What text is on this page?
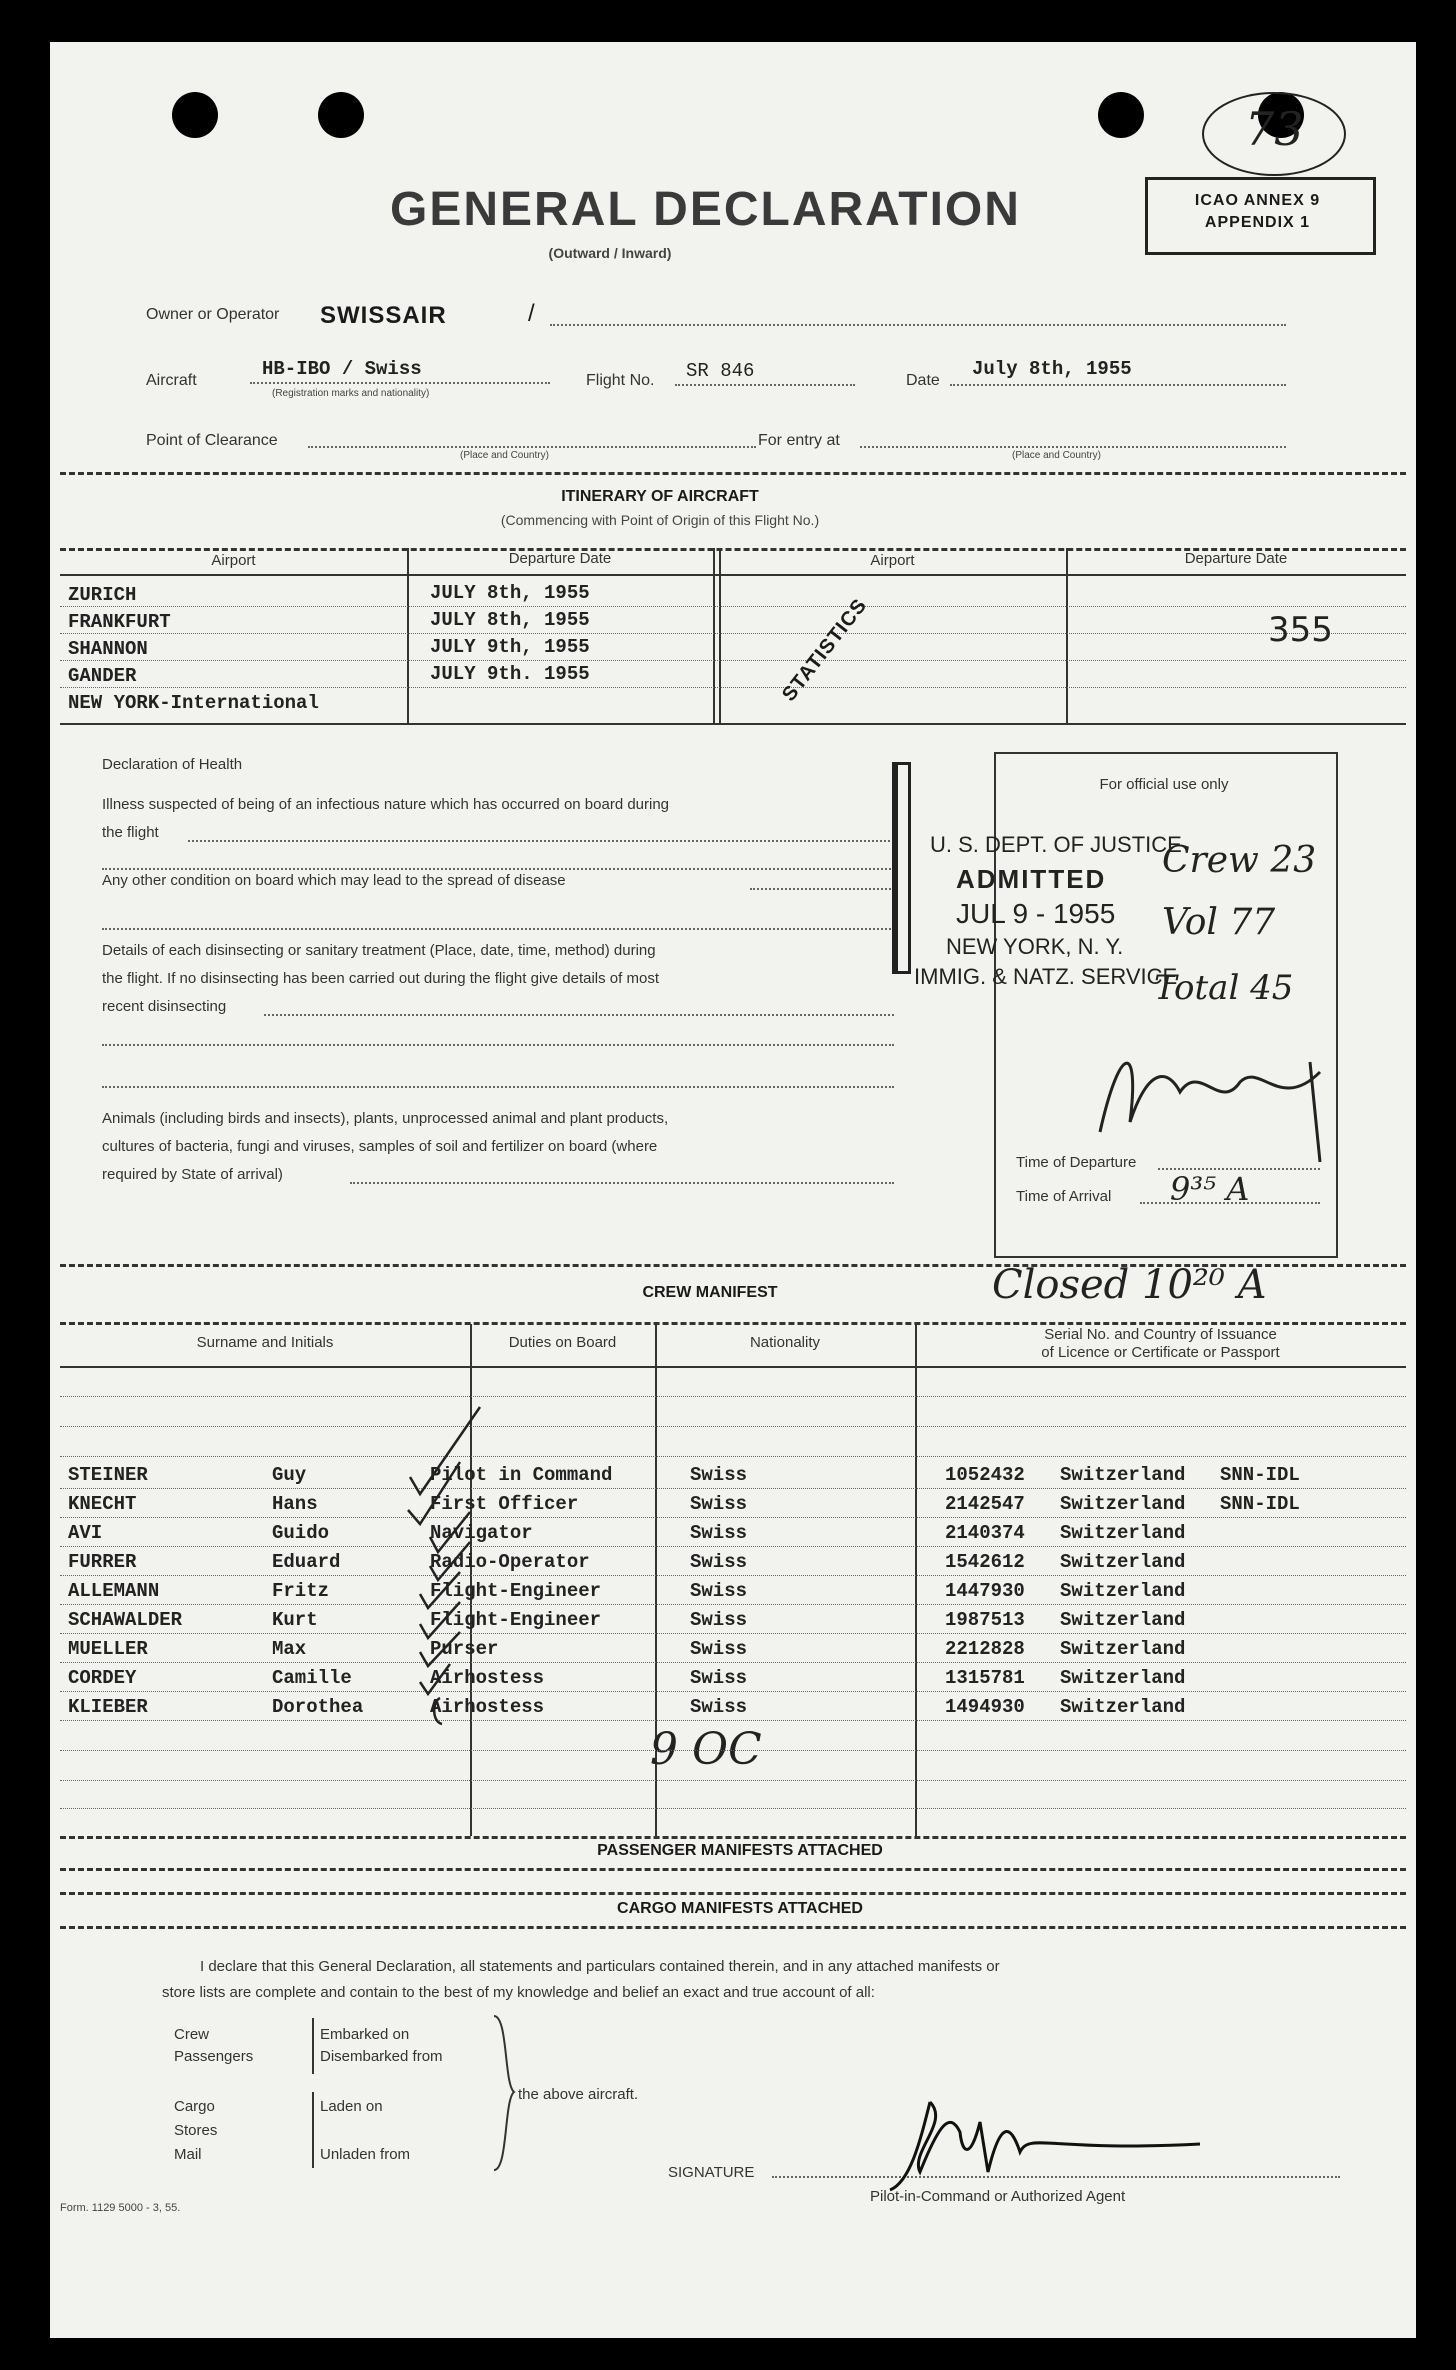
73
GENERAL DECLARATION
(Outward / Inward)
ICAO ANNEX 9
APPENDIX 1
Owner or Operator SWISSAIR	/
Aircraft
HB-IBO / Swiss
(Registration marks and nationality)
Flight No. SR 846	Date
July 8th, 1955
Point of Clearance
(Place and Country)
For entry at
(Place and Country)
ITINERARY OF AIRCRAFT
(Commencing with Point of Origin of this Flight No.)
Airport	Departure Date	Airport	Departure Date
ZURICH	JULY 8th, 1955
FRANKFURT	JULY 8th, 1955
SHANNON	JULY 9th, 1955
GANDER	JULY 9th. 1955
NEW YORK-International
355
STATISTICS
Declaration of Health
Illness suspected of being of an infectious nature which has occurred on board during
the flight
Any other condition on board which may lead to the spread of disease
Details of each disinsecting or sanitary treatment (Place, date, time, method) during
the flight. If no disinsecting has been carried out during the flight give details of most
recent disinsecting
Animals (including birds and insects), plants, unprocessed animal and plant products,
cultures of bacteria, fungi and viruses, samples of soil and fertilizer on board (where
required by State of arrival)
For official use only
U. S. DEPT. OF JUSTICE
ADMITTED
JUL 9 - 1955
NEW YORK, N. Y.
IMMIG. & NATZ. SERVICE
Crew 23
Vol 77
Total 45
Time of Departure
Time of Arrival 9³⁵ A
CREW MANIFEST	Closed 10²⁰ A
Surname and Initials	Duties on Board	Nationality	Serial No. and Country of Issuance
of Licence or Certificate or Passport
STEINER	Guy	Pilot in Command	Swiss	1052432 Switzerland SNN-IDL
KNECHT	Hans	First Officer	Swiss	2142547 Switzerland SNN-IDL
AVI	Guido	Navigator	Swiss	2140374 Switzerland
FURRER	Eduard	Radio-Operator	Swiss	1542612 Switzerland
ALLEMANN	Fritz	Flight-Engineer	Swiss	1447930 Switzerland
SCHAWALDER	Kurt	Flight-Engineer	Swiss	1987513 Switzerland
MUELLER	Max	Purser	Swiss	2212828 Switzerland
CORDEY	Camille	Airhostess	Swiss	1315781 Switzerland
KLIEBER	Dorothea	Airhostess	Swiss	1494930 Switzerland
9 OC
PASSENGER MANIFESTS ATTACHED
CARGO MANIFESTS ATTACHED
I declare that this General Declaration, all statements and particulars contained therein, and in any attached manifests or
store lists are complete and contain to the best of my knowledge and belief an exact and true account of all:
Crew
Passengers
Embarked on
Disembarked from
Cargo
Stores
Mail
Laden on
Unladen from
the above aircraft.
SIGNATURE
Pilot-in-Command or Authorized Agent
Form. 1129 5000 - 3, 55.
